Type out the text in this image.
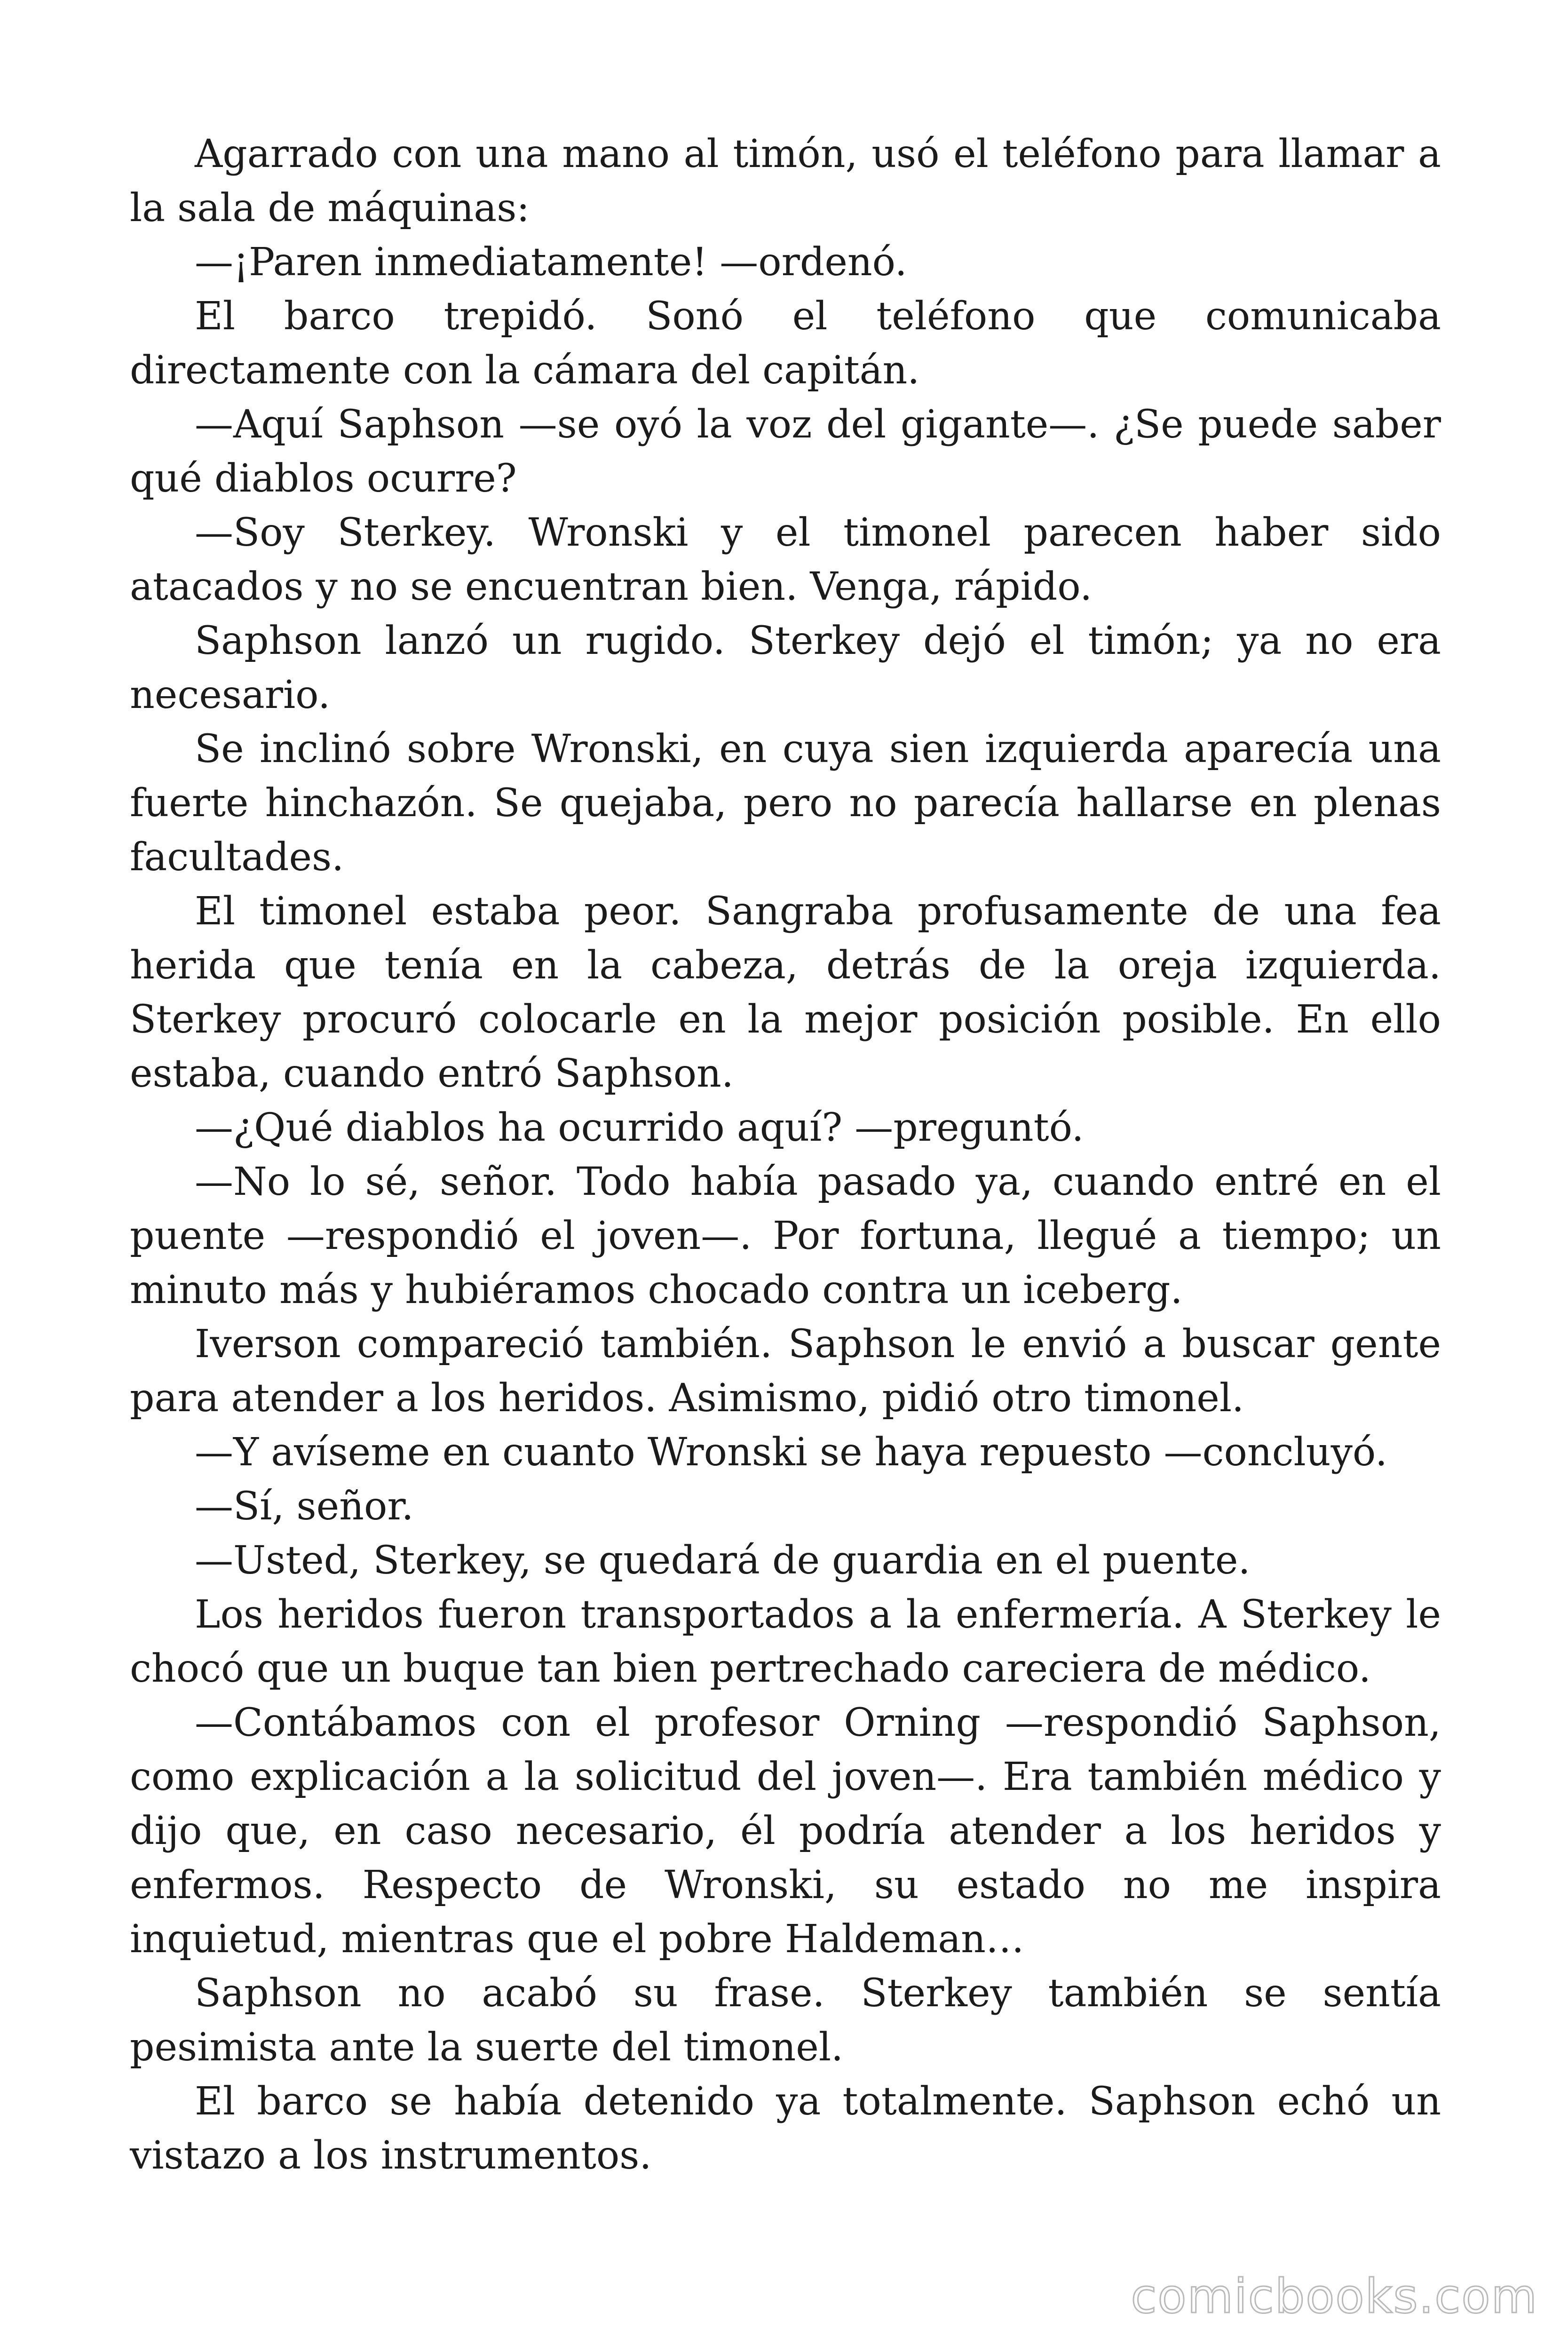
Agarrado con una mano al timón, usó el teléfono para llamar a la sala de máquinas:

—¡Paren inmediatamente! —ordenó.

El barco trepidó. Sonó el teléfono que comunicaba directamente con la cámara del capitán.

—Aquí Saphson —se oyó la voz del gigante—. ¿Se puede saber qué diablos ocurre?

—Soy Sterkey. Wronski y el timonel parecen haber sido atacados y no se encuentran bien. Venga, rápido.

Saphson lanzó un rugido. Sterkey dejó el timón; ya no era necesario.

Se inclinó sobre Wronski, en cuya sien izquierda aparecía una fuerte hinchazón. Se quejaba, pero no parecía hallarse en plenas facultades.

El timonel estaba peor. Sangraba profusamente de una fea herida que tenía en la cabeza, detrás de la oreja izquierda. Sterkey procuró colocarle en la mejor posición posible. En ello estaba, cuando entró Saphson.

—¿Qué diablos ha ocurrido aquí? —preguntó.

—No lo sé, señor. Todo había pasado ya, cuando entré en el puente —respondió el joven—. Por fortuna, llegué a tiempo; un minuto más y hubiéramos chocado contra un iceberg.

Iverson compareció también. Saphson le envió a buscar gente para atender a los heridos. Asimismo, pidió otro timonel.

—Y avíseme en cuanto Wronski se haya repuesto —concluyó.

—Sí, señor.

—Usted, Sterkey, se quedará de guardia en el puente.

Los heridos fueron transportados a la enfermería. A Sterkey le chocó que un buque tan bien pertrechado careciera de médico.

—Contábamos con el profesor Orning —respondió Saphson, como explicación a la solicitud del joven—. Era también médico y dijo que, en caso necesario, él podría atender a los heridos y enfermos. Respecto de Wronski, su estado no me inspira inquietud, mientras que el pobre Haldeman…

Saphson no acabó su frase. Sterkey también se sentía pesimista ante la suerte del timonel.

El barco se había detenido ya totalmente. Saphson echó un vistazo a los instrumentos.

comicbooks.com
